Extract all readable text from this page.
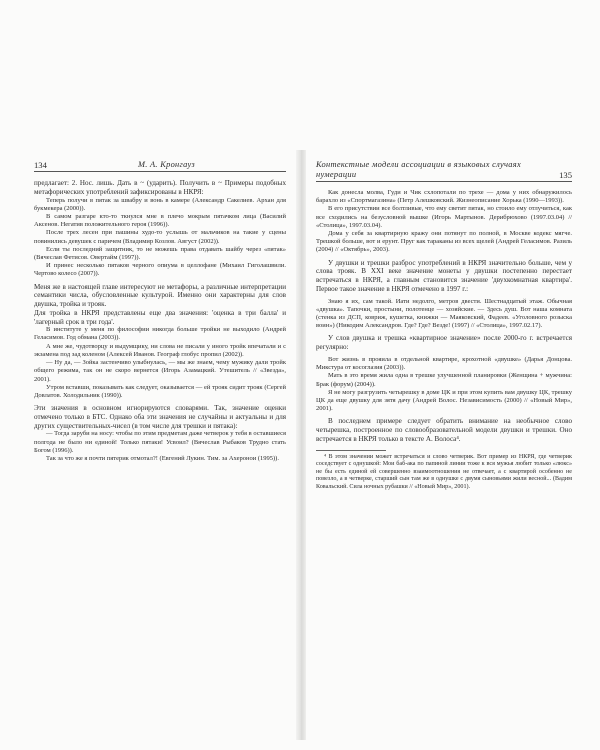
134	М. А. Кронгауз

предлагает: 2. Нос. лишь. Дать в ~ (ударить). Получить в ~ Примеры подобных метафорических употреблений зафиксированы в НКРЯ:

Теперь получи в пятак за швабру и вонь в камере (Александр Сакелиев. Архан для букмекера (2000)).

В самом разгаре кто-то ткнулся мне в плечо мокрым пятачком лица (Василий Аксенов. Негатив положительного героя (1996)).

После трех лесен при пашины худо-то услышь от мальчиков на такие у сцены повинились девушек с паричем (Владимир Козлов. Август (2002)).

Если ты последний защитник, то не можешь права отдавать шайбу через «пятак» (Вячеслав Фетисов. Овертайм (1997)).

И принес несколько пятаков черного опиума в целлофане (Михаил Гиголашвили. Чертово колесо (2007)).

Меня же в настоящей главе интересуют не метафоры, а различные интерпретации семантики числа, обусловленные культурой. Именно они характерны для слов двушка, тройка и трояк.

Для тройка в НКРЯ представлены еще два значения: 'оценка в три балла' и 'лагерный срок в три года'.

В институте у меня по философии никогда больше тройки не выходило (Андрей Геласимов. Год обмана (2003)).

А мне же, чудотворцу и выдумщику, ни слова не писали у иного тройк впечатали и с экзамена под зад коленом (Алексей Иванов. Географ глобус пропил (2002)).

— Ну да, — Зойка застенчиво улыбнулась, — мы же знаем, чему мужику дали тройк общего режима, так он не скоро вернется (Игорь Азамацкий. Утешитель // «Звезда», 2001).

Утром вставши, показывать как следует, оказывается — ей трояк сидит трояк (Сергей Довлатов. Холодильник (1990)).

Эти значения в основном игнорируются словарями. Так, значение оценки отмечено только в БТС. Однако оба эти значения не случайны и актуальны и для других существительных-чисел (в том числе для трешки и пятака):

— Тогда заруби на носу: чтобы по этим предметам даже четверок у тебя в оставшиеся полгода не было ни единой! Только пятаки! Усвоил? (Вячеслав Рыбаков Трудно стать Богом (1996)).

Так за что же я почти пятерик отмотал?! (Евгений Лукин. Тим. за Ахеронои (1995)).

Контекстные модели ассоциации в языковых случаях нумерации	135

Как донесла молва, Гуди и Чик схлопотали по трехе — дома у них обнаружилось барахло из «Спортмагазина» (Петр Алешковский. Жизнеописание Хорька (1990—1993)).

В его присутствии все болтливые, что ему светит пятак, но стоило ему отлучиться, как все сходились на безусловной вышке (Игорь Мартынов. Дерибрюхово (1997.03.04) // «Столица», 1997.03.04).

Дома у себя за квартирную кражу они потянут по полной, в Москве кодекс мягче. Трешкой больше, вот и ерунт. Пруг как тараканы из всех щелей (Андрей Геласимов. Разиль (2004) // «Октябрь», 2003).

У двушки и трешки разброс употреблений в НКРЯ значительно больше, чем у слова трояк. В XXI веке значение монеты у двушки постепенно перестает встречаться в НКРЯ, а главным становится значение 'двухкомнатная квартира'. Первое такое значение в НКРЯ отмечено в 1997 г.:

Знаю я их, сам такой. Иати недолго, метров двести. Шестнадцатый этаж. Обычная «двушка». Тапочки, простыни, полотенце — хозяйские. — Здесь душ. Вот наша комната (стенка из ДСП, ковриж, кушетка, книжки — Маяковский, Фадеев. «Уголовного розыска воин») (Никодим Александров. Где? Где? Везде! (1997) // «Столица», 1997.02.17).

У слов двушка и трешка «квартирное значение» после 2000-го г. встречается регулярно:

Вот жизнь в прояила в отдельной квартире, крохотной «двушке» (Дарья Донцова. Микстура от косоглазия (2003)).

Мать в это время жила одна в трешке улучшенной планировки (Женщина + мужчина: Брак (форум) (2004)).

Я не могу разгрузить четырешку в доме ЦК и при этом купить вам двушку ЦК, трешку ЦК да еще двушку для зятя дачу (Андрей Волос. Независимость (2000) // «Новый Мир», 2001).

В последнем примере следует обратить внимание на необычное слово четырешка, построенное по словообразовательной модели двушки и трешки. Оно встречается в НКРЯ только в тексте А. Волоса⁴.

⁴ В этом значении может встречаться и слово четверик. Вот пример из НКРЯ, где четверик соседствует с однушкой: Мои баб-ака по папиной линии тоже к вся мужья любит только «люкс» не бы есть единой ей совершенно взаимоотношения не отвечает, а с квартирой особенно не повезло, а в четверке, старший сын там же в однушке с двумя сыновьями жили весной... (Вадим Ковальский. Сила ночных рубашки // «Новый Мир», 2001).
